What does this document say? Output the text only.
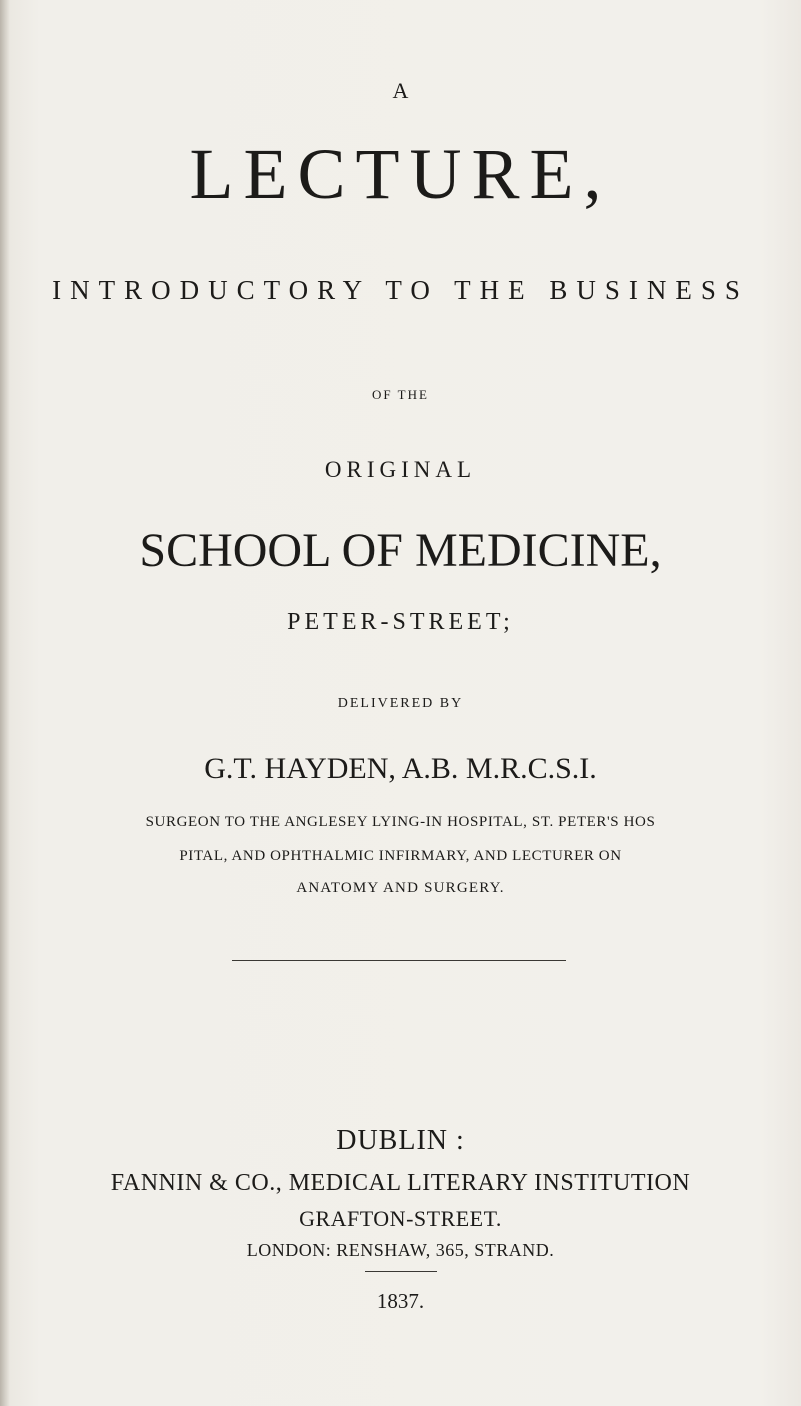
A
LECTURE,
INTRODUCTORY TO THE BUSINESS
OF THE
ORIGINAL
SCHOOL OF MEDICINE,
PETER-STREET;
DELIVERED BY
G.T. HAYDEN, A.B. M.R.C.S.I.
SURGEON TO THE ANGLESEY LYING-IN HOSPITAL, ST. PETER'S HOS
PITAL, AND OPHTHALMIC INFIRMARY, AND LECTURER ON
ANATOMY AND SURGERY.
DUBLIN :
FANNIN & CO., MEDICAL LITERARY INSTITUTION
GRAFTON-STREET.
LONDON: RENSHAW, 365, STRAND.
1837.
